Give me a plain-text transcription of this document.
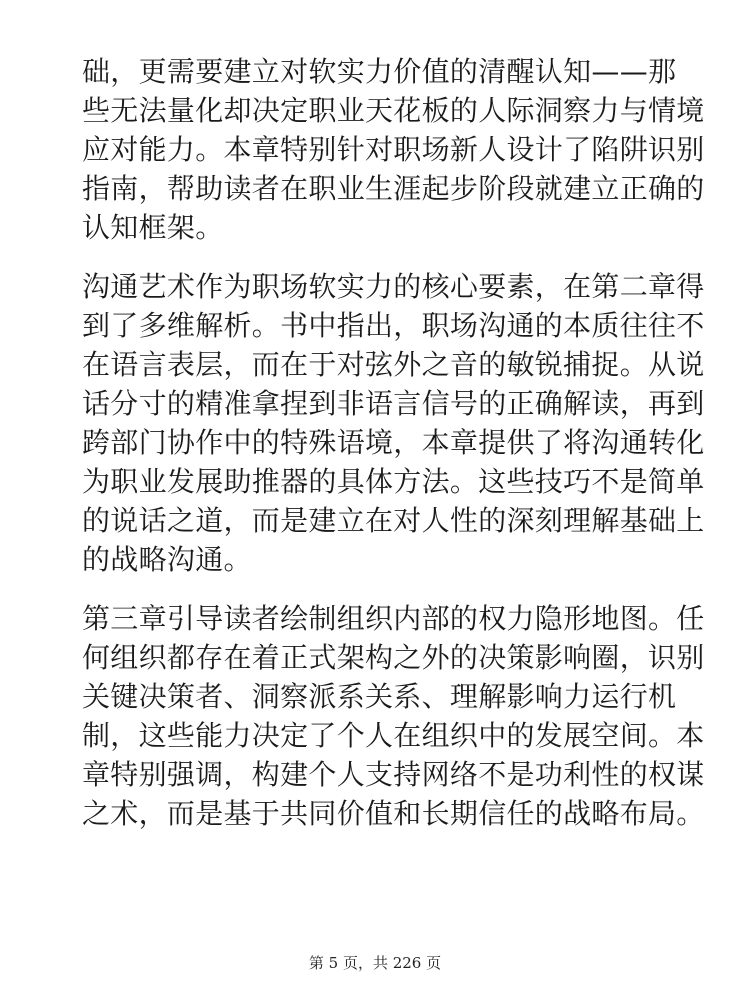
础，更需要建立对软实力价值的清醒认知——那
些无法量化却决定职业天花板的人际洞察力与情境
应对能力。本章特别针对职场新人设计了陷阱识别
指南，帮助读者在职业生涯起步阶段就建立正确的
认知框架。
沟通艺术作为职场软实力的核心要素，在第二章得
到了多维解析。书中指出，职场沟通的本质往往不
在语言表层，而在于对弦外之音的敏锐捕捉。从说
话分寸的精准拿捏到非语言信号的正确解读，再到
跨部门协作中的特殊语境，本章提供了将沟通转化
为职业发展助推器的具体方法。这些技巧不是简单
的说话之道，而是建立在对人性的深刻理解基础上
的战略沟通。
第三章引导读者绘制组织内部的权力隐形地图。任
何组织都存在着正式架构之外的决策影响圈，识别
关键决策者、洞察派系关系、理解影响力运行机
制，这些能力决定了个人在组织中的发展空间。本
章特别强调，构建个人支持网络不是功利性的权谋
之术，而是基于共同价值和长期信任的战略布局。
第 5 页，共 226 页
